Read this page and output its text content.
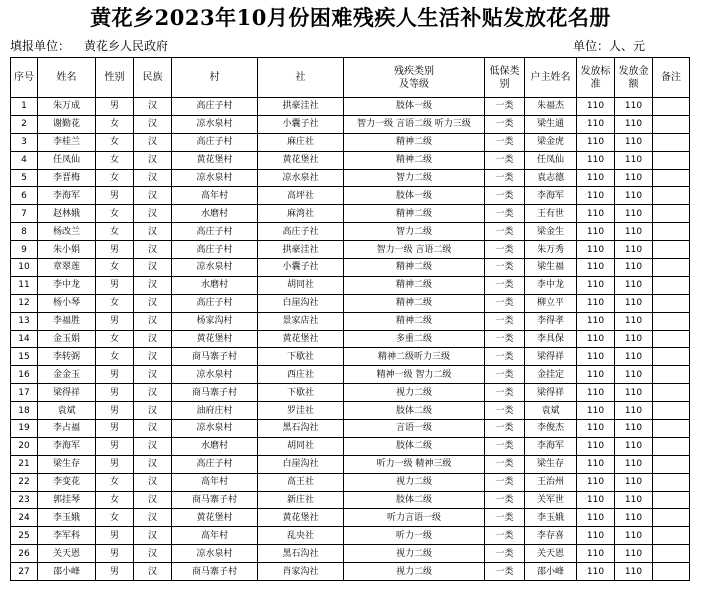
黄花乡2023年10月份困难残疾人生活补贴发放花名册
填报单位： 黄花乡人民政府	单位：人、元
序号	姓名	性别	民族	村	社	残疾类别
及等级	低保类别	户主姓名	发放标准	发放金额	备注
1	朱万成	男	汉	高庄子村	拱豪洼社	肢体一级	一类	朱福杰	110	110	
2	谢勤花	女	汉	凉水泉村	小囊子社	智力一级 言语二级 听力三级	一类	梁生通	110	110	
3	李桂兰	女	汉	高庄子村	麻庄社	精神二级	一类	梁金虎	110	110	
4	任凤仙	女	汉	黄花堡村	黄花堡社	精神二级	一类	任凤仙	110	110	
5	李晋梅	女	汉	凉水泉村	凉水泉社	智力二级	一类	袁志德	110	110	
6	李海军	男	汉	高年村	高坪社	肢体一级	一类	李海军	110	110	
7	赵林娥	女	汉	水磨村	麻湾社	精神二级	一类	王有世	110	110	
8	杨改兰	女	汉	高庄子村	高庄子社	智力二级	一类	梁金生	110	110	
9	朱小娟	男	汉	高庄子村	拱豪洼社	智力一级 言语二级	一类	朱万秀	110	110	
10	章翠莲	女	汉	凉水泉村	小囊子社	精神二级	一类	梁生福	110	110	
11	李中龙	男	汉	水磨村	胡同社	精神二级	一类	李中龙	110	110	
12	杨小琴	女	汉	高庄子村	白崖沟社	精神二级	一类	柳立平	110	110	
13	李福胜	男	汉	杨家沟村	景家店社	精神二级	一类	李得孝	110	110	
14	金玉娟	女	汉	黄花堡村	黄花堡社	多重二级	一类	李具保	110	110	
15	李转弼	女	汉	商马寨子村	下歇社	精神二级听力三级	一类	梁得祥	110	110	
16	金金玉	男	汉	凉水泉村	西庄社	精神一级 智力二级	一类	金挂定	110	110	
17	梁得祥	男	汉	商马寨子村	下歇社	视力二级	一类	梁得祥	110	110	
18	袁斌	男	汉	油府庄村	罗洼社	肢体二级	一类	袁斌	110	110	
19	李占福	男	汉	凉水泉村	黑石沟社	言语一级	一类	李俊杰	110	110	
20	李海军	男	汉	水磨村	胡同社	肢体二级	一类	李海军	110	110	
21	梁生存	男	汉	高庄子村	白崖沟社	听力一级 精神三级	一类	梁生存	110	110	
22	李变花	女	汉	高年村	高王社	视力二级	一类	王治州	110	110	
23	郭挂琴	女	汉	商马寨子村	新庄社	肢体二级	一类	关军世	110	110	
24	李玉娥	女	汉	黄花堡村	黄花堡社	听力言语一级	一类	李玉娥	110	110	
25	李军科	男	汉	高年村	乱央社	听力一级	一类	李存喜	110	110	
26	关天恩	男	汉	凉水泉村	黑石沟社	视力二级	一类	关天恩	110	110	
27	邵小峰	男	汉	商马寨子村	肖家沟社	视力二级	一类	邵小峰	110	110	
